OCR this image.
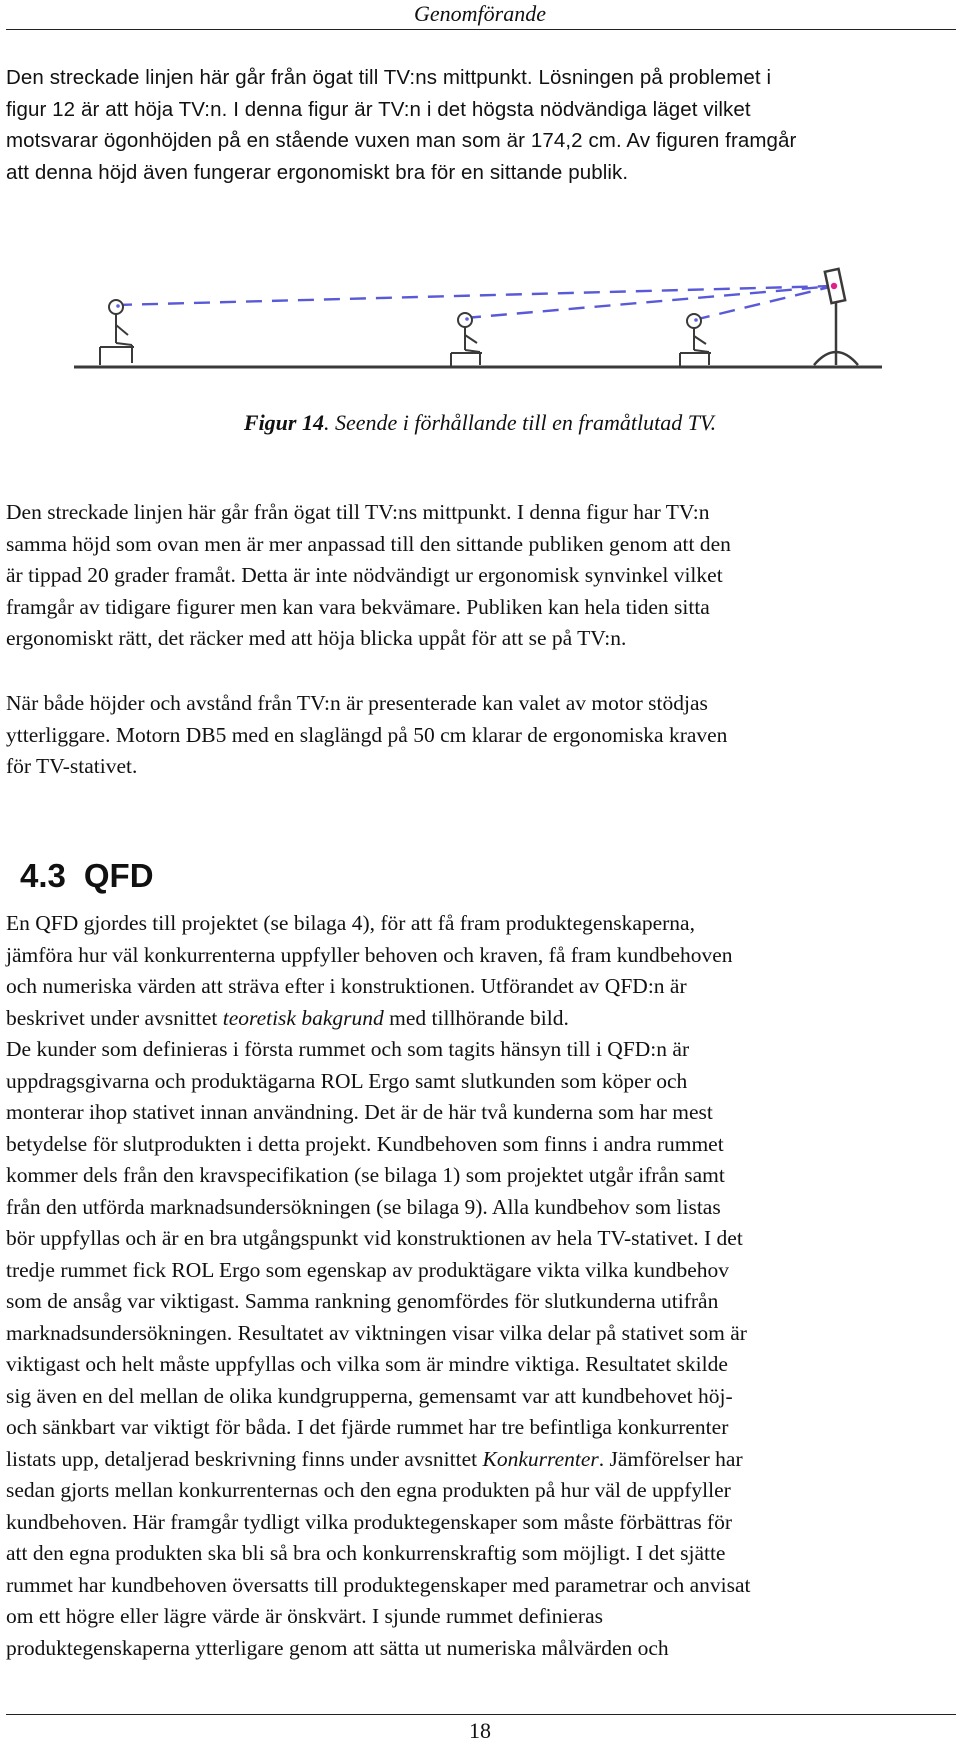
Genomförande
Den streckade linjen här går från ögat till TV:ns mittpunkt. Lösningen på problemet i
figur 12 är att höja TV:n. I denna figur är TV:n i det högsta nödvändiga läget vilket
motsvarar ögonhöjden på en stående vuxen man som är 174,2 cm. Av figuren framgår
att denna höjd även fungerar ergonomiskt bra för en sittande publik.
Figur 14. Seende i förhållande till en framåtlutad TV.
Den streckade linjen här går från ögat till TV:ns mittpunkt. I denna figur har TV:n
samma höjd som ovan men är mer anpassad till den sittande publiken genom att den
är tippad 20 grader framåt. Detta är inte nödvändigt ur ergonomisk synvinkel vilket
framgår av tidigare figurer men kan vara bekvämare. Publiken kan hela tiden sitta
ergonomiskt rätt, det räcker med att höja blicka uppåt för att se på TV:n.
När både höjder och avstånd från TV:n är presenterade kan valet av motor stödjas
ytterliggare. Motorn DB5 med en slaglängd på 50 cm klarar de ergonomiska kraven
för TV-stativet.
4.3 QFD
En QFD gjordes till projektet (se bilaga 4), för att få fram produktegenskaperna,
jämföra hur väl konkurrenterna uppfyller behoven och kraven, få fram kundbehoven
och numeriska värden att sträva efter i konstruktionen. Utförandet av QFD:n är
beskrivet under avsnittet teoretisk bakgrund med tillhörande bild.
De kunder som definieras i första rummet och som tagits hänsyn till i QFD:n är
uppdragsgivarna och produktägarna ROL Ergo samt slutkunden som köper och
monterar ihop stativet innan användning. Det är de här två kunderna som har mest
betydelse för slutprodukten i detta projekt. Kundbehoven som finns i andra rummet
kommer dels från den kravspecifikation (se bilaga 1) som projektet utgår ifrån samt
från den utförda marknadsundersökningen (se bilaga 9). Alla kundbehov som listas
bör uppfyllas och är en bra utgångspunkt vid konstruktionen av hela TV-stativet. I det
tredje rummet fick ROL Ergo som egenskap av produktägare vikta vilka kundbehov
som de ansåg var viktigast. Samma rankning genomfördes för slutkunderna utifrån
marknadsundersökningen. Resultatet av viktningen visar vilka delar på stativet som är
viktigast och helt måste uppfyllas och vilka som är mindre viktiga. Resultatet skilde
sig även en del mellan de olika kundgrupperna, gemensamt var att kundbehovet höj-
och sänkbart var viktigt för båda. I det fjärde rummet har tre befintliga konkurrenter
listats upp, detaljerad beskrivning finns under avsnittet Konkurrenter. Jämförelser har
sedan gjorts mellan konkurrenternas och den egna produkten på hur väl de uppfyller
kundbehoven. Här framgår tydligt vilka produktegenskaper som måste förbättras för
att den egna produkten ska bli så bra och konkurrenskraftig som möjligt. I det sjätte
rummet har kundbehoven översatts till produktegenskaper med parametrar och anvisat
om ett högre eller lägre värde är önskvärt. I sjunde rummet definieras
produktegenskaperna ytterligare genom att sätta ut numeriska målvärden och
18
